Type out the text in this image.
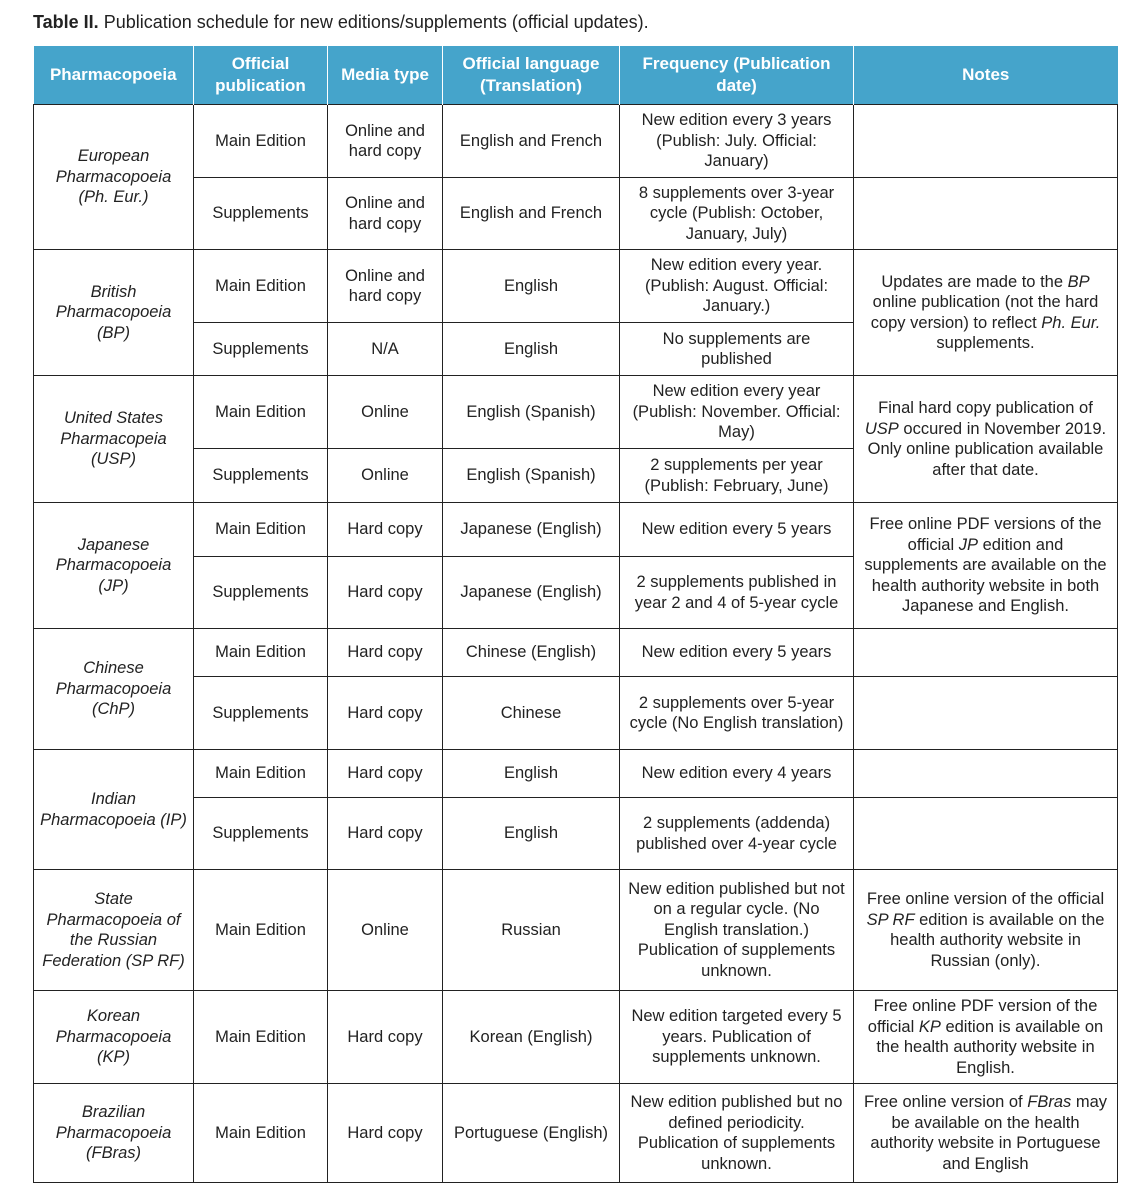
Table II. Publication schedule for new editions/supplements (official updates).
Pharmacopoeia	Official publication	Media type	Official language (Translation)	Frequency (Publication date)	Notes
European Pharmacopoeia (Ph. Eur.)	Main Edition	Online and hard copy	English and French	New edition every 3 years (Publish: July. Official: January)	
	Supplements	Online and hard copy	English and French	8 supplements over 3-year cycle (Publish: October, January, July)	
British Pharmacopoeia (BP)	Main Edition	Online and hard copy	English	New edition every year. (Publish: August. Official: January.)	Updates are made to the BP online publication (not the hard copy version) to reflect Ph. Eur. supplements.
	Supplements	N/A	English	No supplements are published	
United States Pharmacopeia (USP)	Main Edition	Online	English (Spanish)	New edition every year (Publish: November. Official: May)	Final hard copy publication of USP occured in November 2019. Only online publication available after that date.
	Supplements	Online	English (Spanish)	2 supplements per year (Publish: February, June)	
Japanese Pharmacopoeia (JP)	Main Edition	Hard copy	Japanese (English)	New edition every 5 years	Free online PDF versions of the official JP edition and supplements are available on the health authority website in both Japanese and English.
	Supplements	Hard copy	Japanese (English)	2 supplements published in year 2 and 4 of 5-year cycle	
Chinese Pharmacopoeia (ChP)	Main Edition	Hard copy	Chinese (English)	New edition every 5 years	
	Supplements	Hard copy	Chinese	2 supplements over 5-year cycle (No English translation)	
Indian Pharmacopoeia (IP)	Main Edition	Hard copy	English	New edition every 4 years	
	Supplements	Hard copy	English	2 supplements (addenda) published over 4-year cycle	
State Pharmacopoeia of the Russian Federation (SP RF)	Main Edition	Online	Russian	New edition published but not on a regular cycle. (No English translation.) Publication of supplements unknown.	Free online version of the official SP RF edition is available on the health authority website in Russian (only).
Korean Pharmacopoeia (KP)	Main Edition	Hard copy	Korean (English)	New edition targeted every 5 years. Publication of supplements unknown.	Free online PDF version of the official KP edition is available on the health authority website in English.
Brazilian Pharmacopoeia (FBras)	Main Edition	Hard copy	Portuguese (English)	New edition published but no defined periodicity. Publication of supplements unknown.	Free online version of FBras may be available on the health authority website in Portuguese and English
